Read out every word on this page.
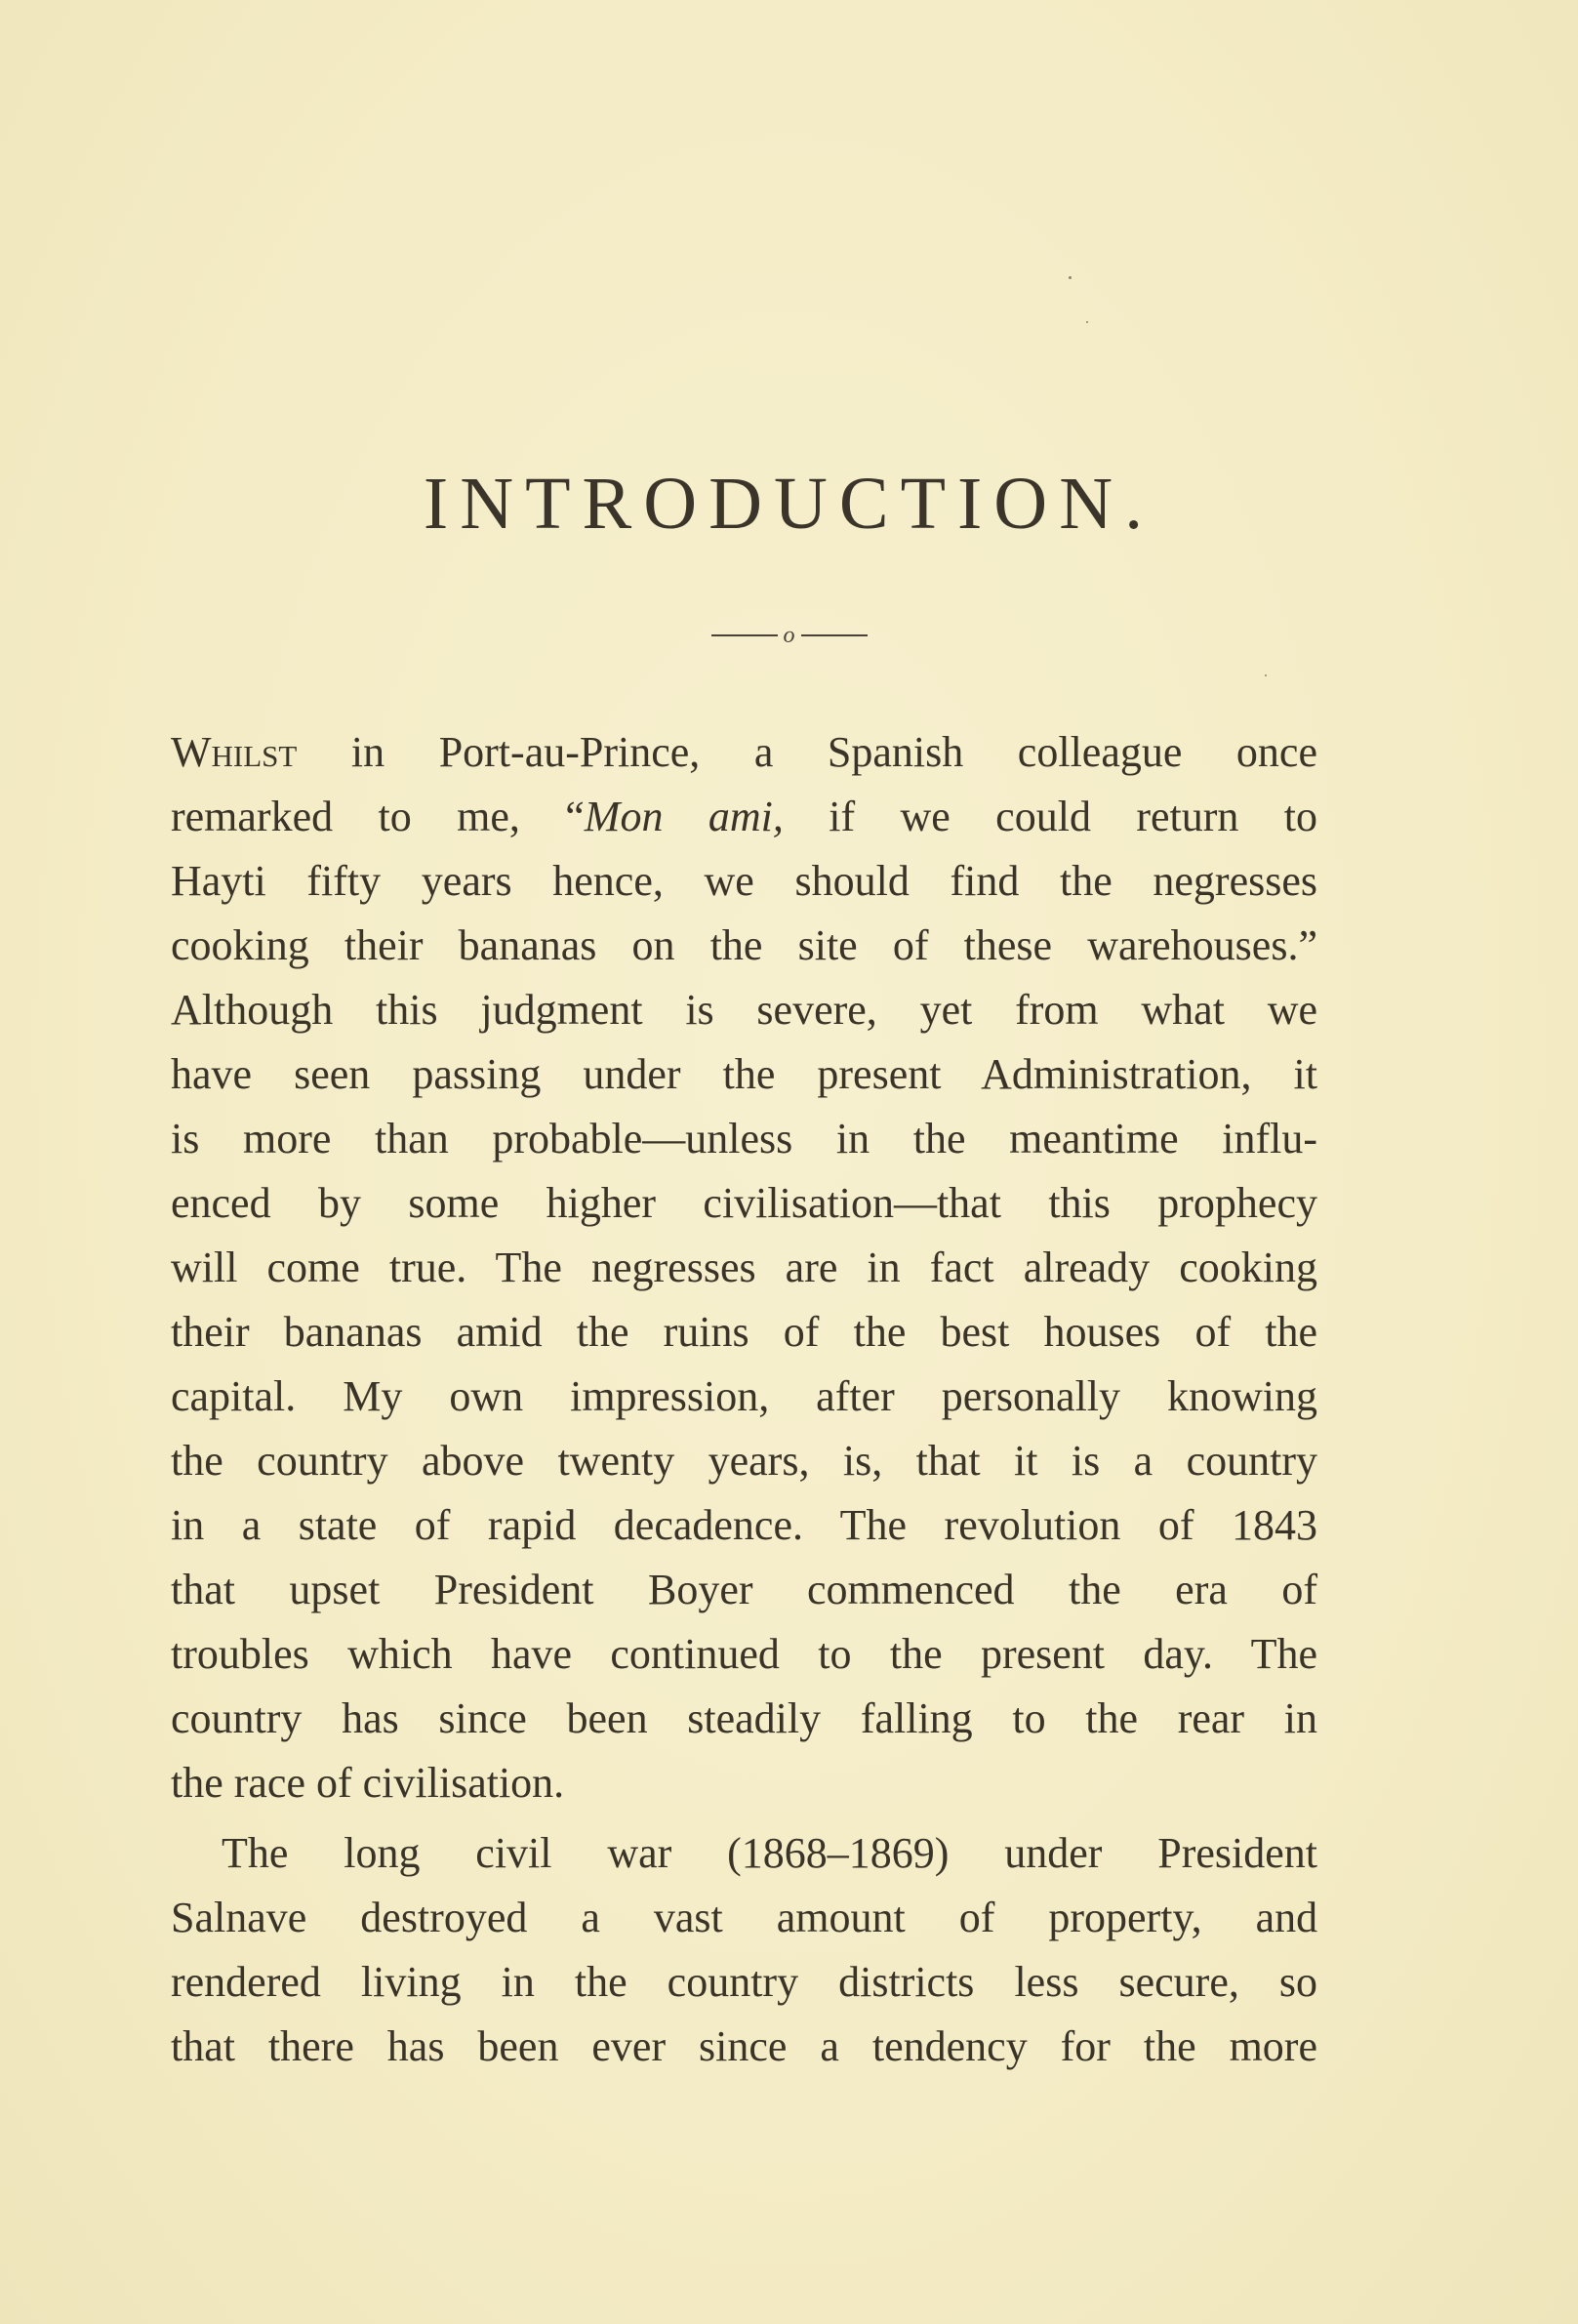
INTRODUCTION.
o
Whilst in Port-au-Prince, a Spanish colleague once
remarked to me, “Mon ami, if we could return to
Hayti fifty years hence, we should find the negresses
cooking their bananas on the site of these warehouses.”
Although this judgment is severe, yet from what we
have seen passing under the present Administration, it
is more than probable—unless in the meantime influ-
enced by some higher civilisation—that this prophecy
will come true. The negresses are in fact already cooking
their bananas amid the ruins of the best houses of the
capital. My own impression, after personally knowing
the country above twenty years, is, that it is a country
in a state of rapid decadence. The revolution of 1843
that upset President Boyer commenced the era of
troubles which have continued to the present day. The
country has since been steadily falling to the rear in
the race of civilisation.
The long civil war (1868–1869) under President
Salnave destroyed a vast amount of property, and
rendered living in the country districts less secure, so
that there has been ever since a tendency for the more
